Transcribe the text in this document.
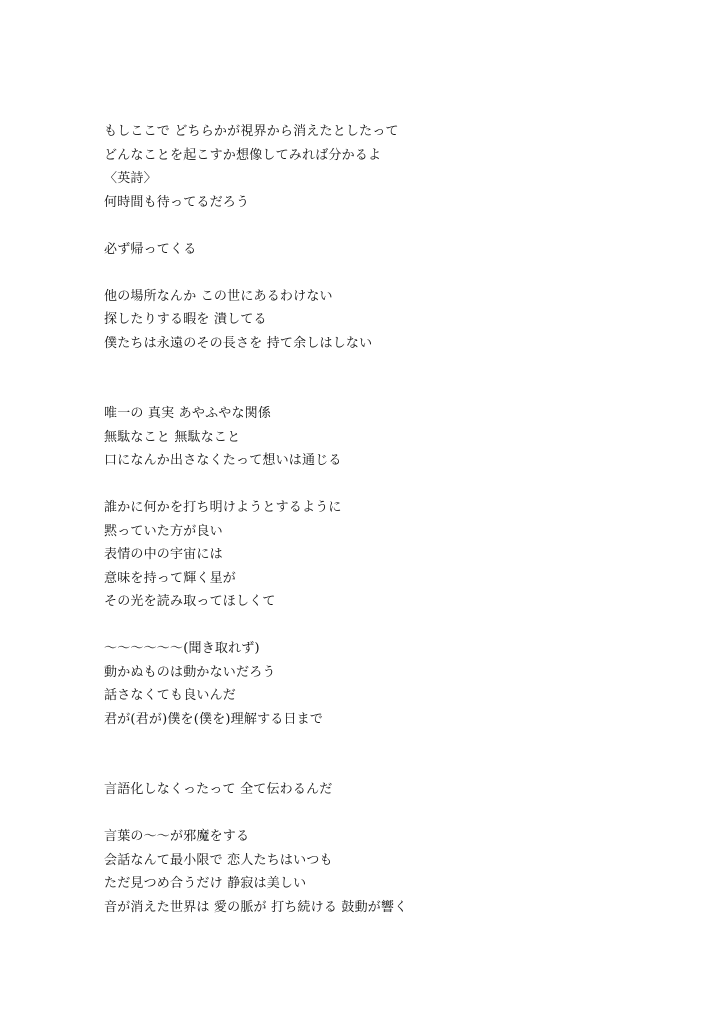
もしここで どちらかが視界から消えたとしたって
どんなことを起こすか想像してみれば分かるよ
〈英詩〉
何時間も待ってるだろう
必ず帰ってくる
他の場所なんか この世にあるわけない
探したりする暇を 潰してる
僕たちは永遠のその長さを 持て余しはしない
唯一の 真実 あやふやな関係
無駄なこと 無駄なこと
口になんか出さなくたって想いは通じる
誰かに何かを打ち明けようとするように
黙っていた方が良い
表情の中の宇宙には
意味を持って輝く星が
その光を読み取ってほしくて
〜〜〜〜〜〜(聞き取れず)
動かぬものは動かないだろう
話さなくても良いんだ
君が(君が)僕を(僕を)理解する日まで
言語化しなくったって 全て伝わるんだ
言葉の〜〜が邪魔をする
会話なんて最小限で 恋人たちはいつも
ただ見つめ合うだけ 静寂は美しい
音が消えた世界は 愛の脈が 打ち続ける 鼓動が響く
